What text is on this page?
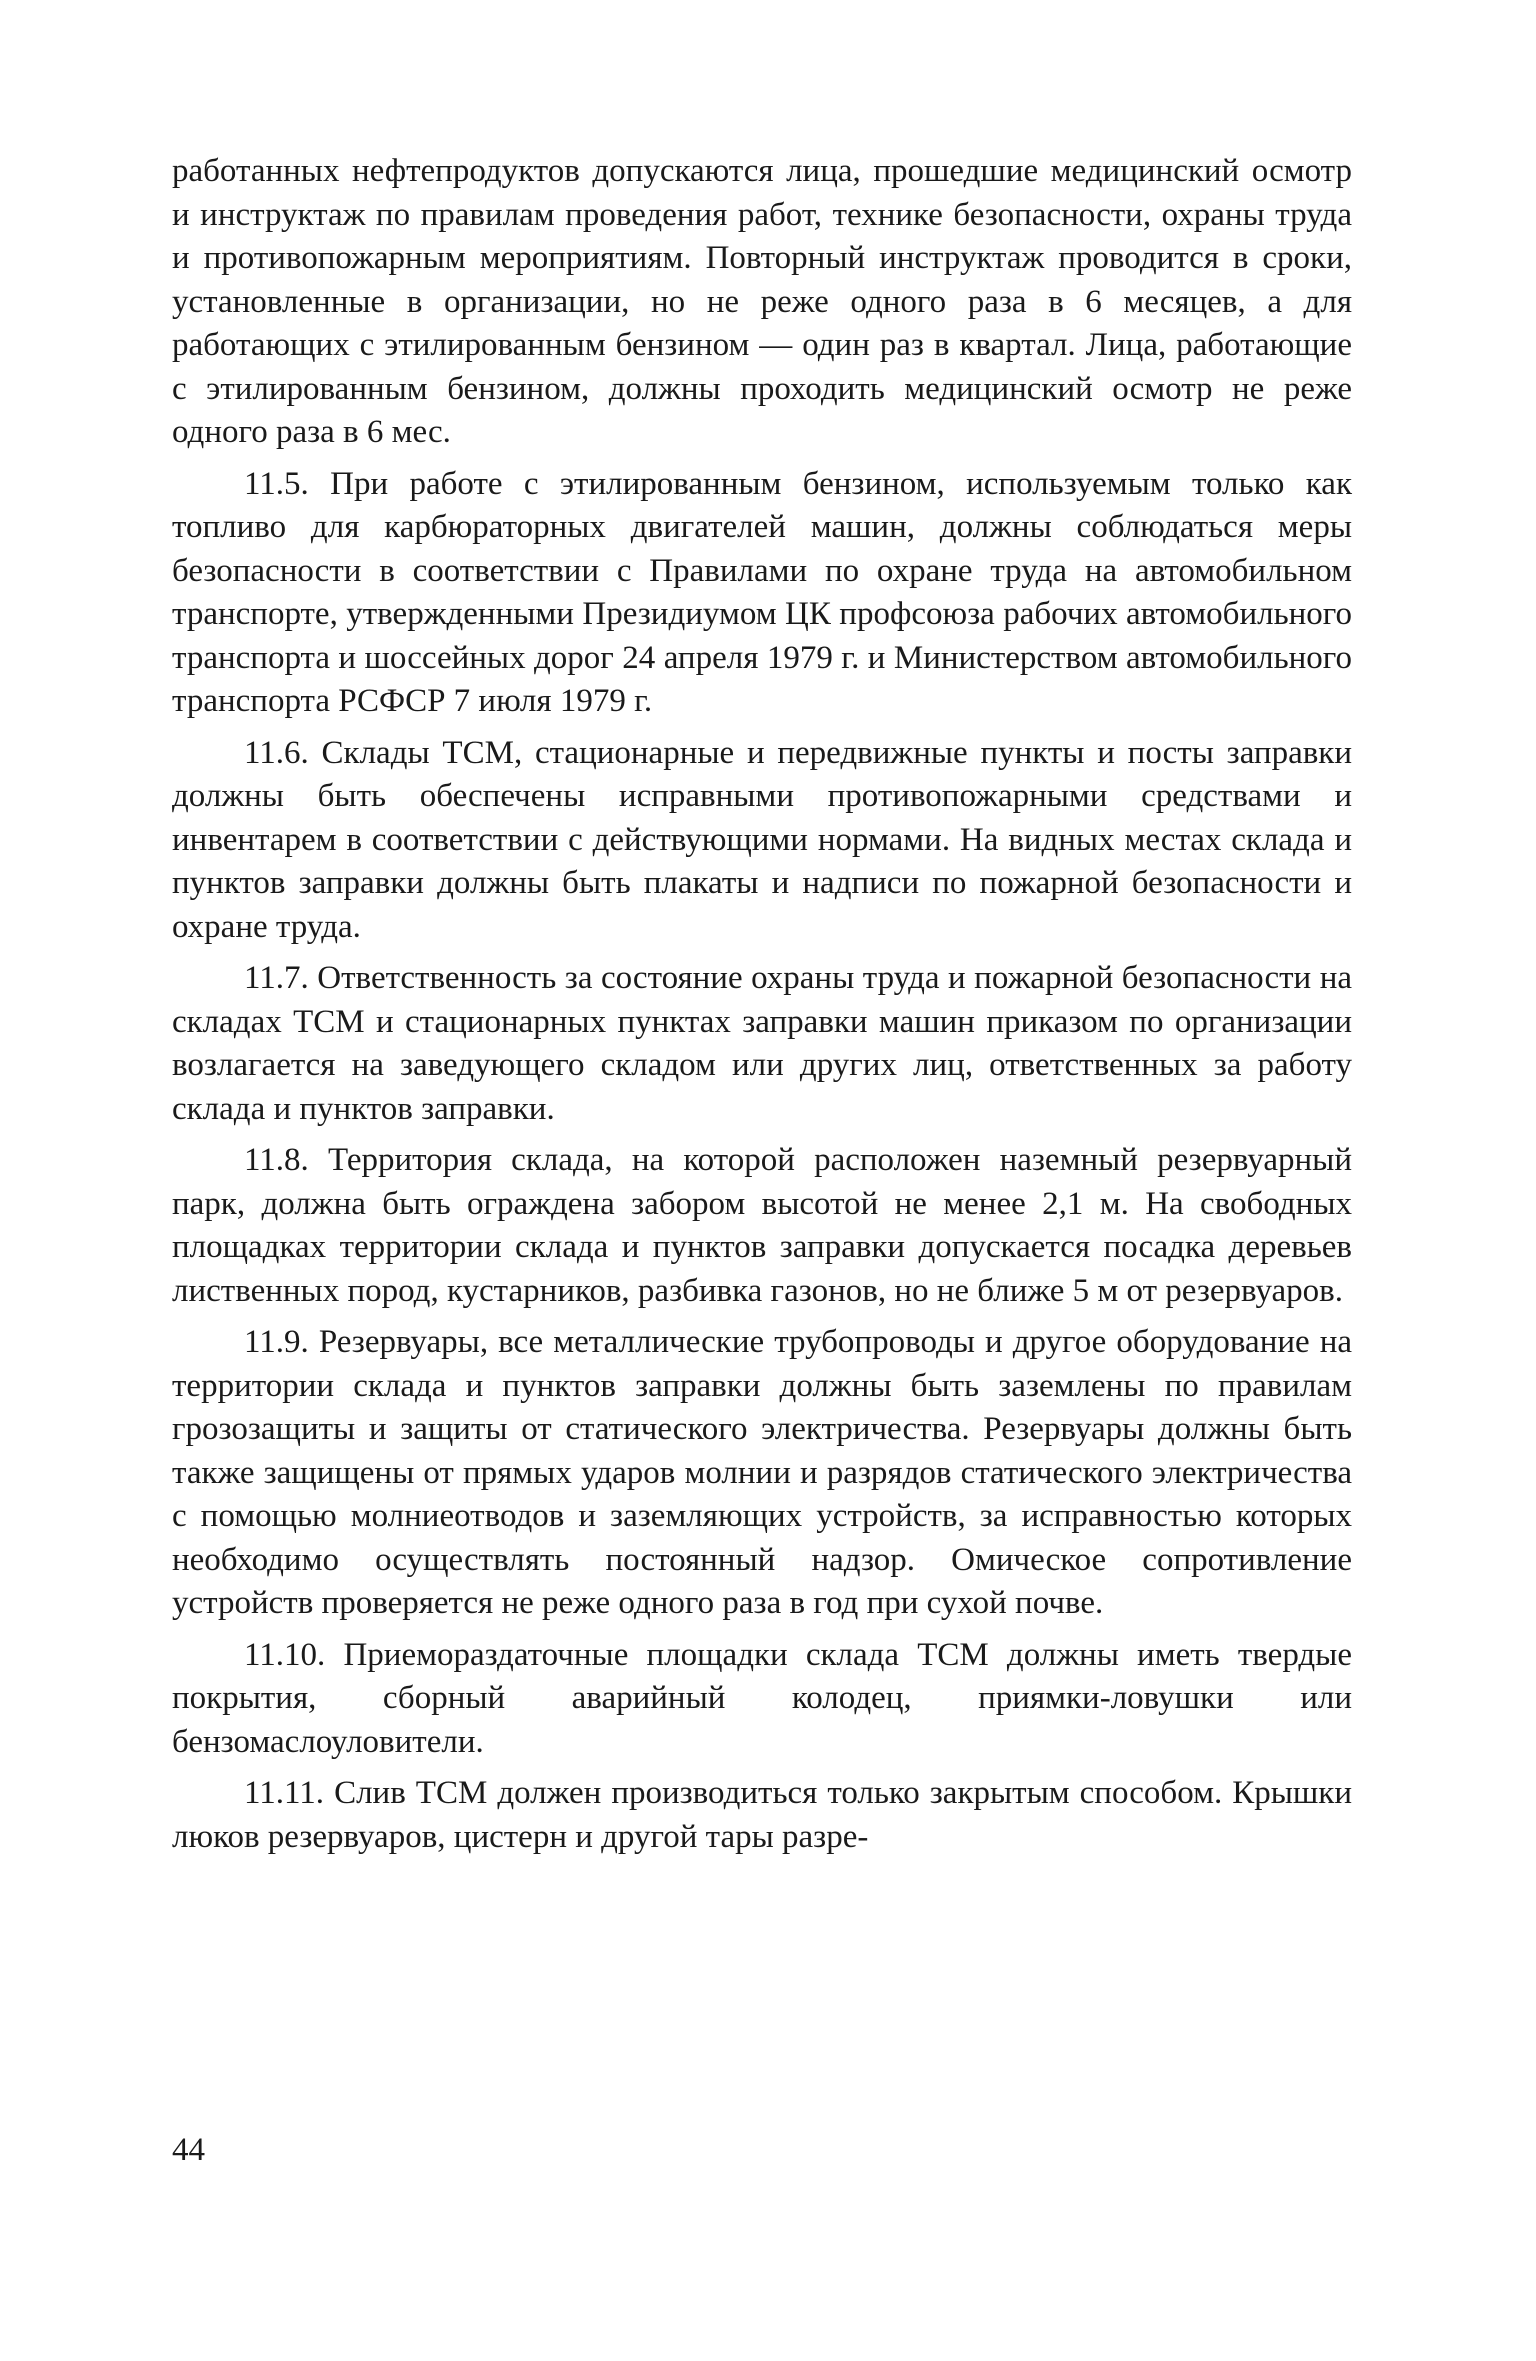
работанных нефтепродуктов допускаются лица, прошедшие медицинский осмотр и инструктаж по правилам проведения работ, технике безопасности, охраны труда и противопожарным мероприятиям. Повторный инструктаж проводится в сроки, установленные в организации, но не реже одного раза в 6 месяцев, а для работающих с этилированным бензином — один раз в квартал. Лица, работающие с этилированным бензином, должны проходить медицинский осмотр не реже одного раза в 6 мес.

11.5. При работе с этилированным бензином, используемым только как топливо для карбюраторных двигателей машин, должны соблюдаться меры безопасности в соответствии с Правилами по охране труда на автомобильном транспорте, утвержденными Президиумом ЦК профсоюза рабочих автомобильного транспорта и шоссейных дорог 24 апреля 1979 г. и Министерством автомобильного транспорта РСФСР 7 июля 1979 г.

11.6. Склады ТСМ, стационарные и передвижные пункты и посты заправки должны быть обеспечены исправными противопожарными средствами и инвентарем в соответствии с действующими нормами. На видных местах склада и пунктов заправки должны быть плакаты и надписи по пожарной безопасности и охране труда.

11.7. Ответственность за состояние охраны труда и пожарной безопасности на складах ТСМ и стационарных пунктах заправки машин приказом по организации возлагается на заведующего складом или других лиц, ответственных за работу склада и пунктов заправки.

11.8. Территория склада, на которой расположен наземный резервуарный парк, должна быть ограждена забором высотой не менее 2,1 м. На свободных площадках территории склада и пунктов заправки допускается посадка деревьев лиственных пород, кустарников, разбивка газонов, но не ближе 5 м от резервуаров.

11.9. Резервуары, все металлические трубопроводы и другое оборудование на территории склада и пунктов заправки должны быть заземлены по правилам грозозащиты и защиты от статического электричества. Резервуары должны быть также защищены от прямых ударов молнии и разрядов статического электричества с помощью молниеотводов и заземляющих устройств, за исправностью которых необходимо осуществлять постоянный надзор. Омическое сопротивление устройств проверяется не реже одного раза в год при сухой почве.

11.10. Приемораздаточные площадки склада ТСМ должны иметь твердые покрытия, сборный аварийный колодец, приямки-ловушки или бензомаслоуловители.

11.11. Слив ТСМ должен производиться только закрытым способом. Крышки люков резервуаров, цистерн и другой тары разре-

44
